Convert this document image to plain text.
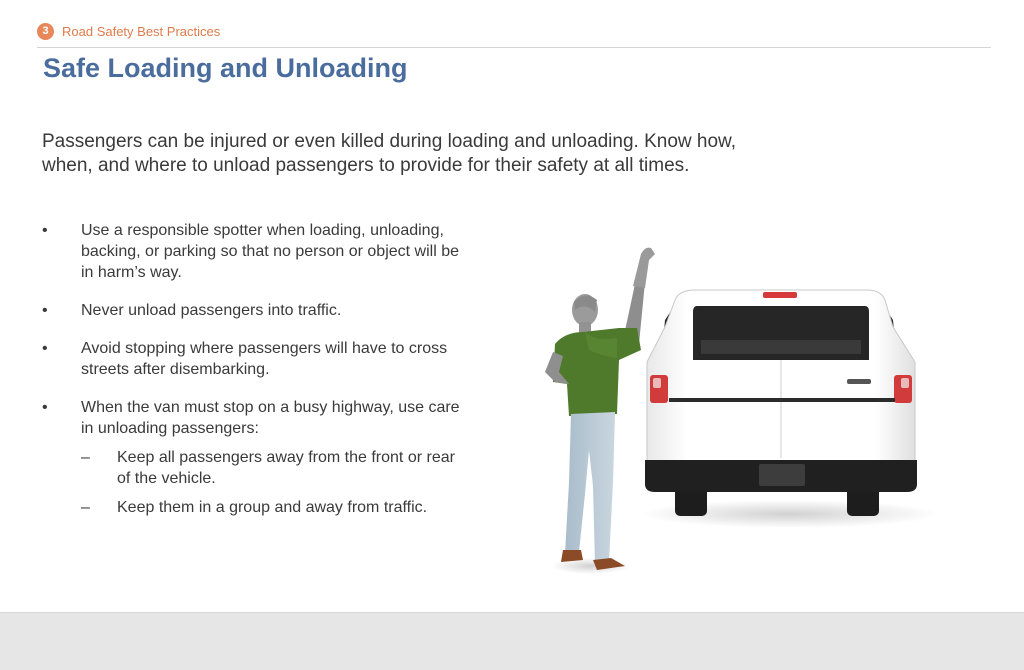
3	Road Safety Best Practices
Safe Loading and Unloading

Passengers can be injured or even killed during loading and unloading. Know how, when, and where to unload passengers to provide for their safety at all times.

• Use a responsible spotter when loading, unloading, backing, or parking so that no person or object will be in harm’s way.
• Never unload passengers into traffic.
• Avoid stopping where passengers will have to cross streets after disembarking.
• When the van must stop on a busy highway, use care in unloading passengers:
– Keep all passengers away from the front or rear of the vehicle.
– Keep them in a group and away from traffic.
